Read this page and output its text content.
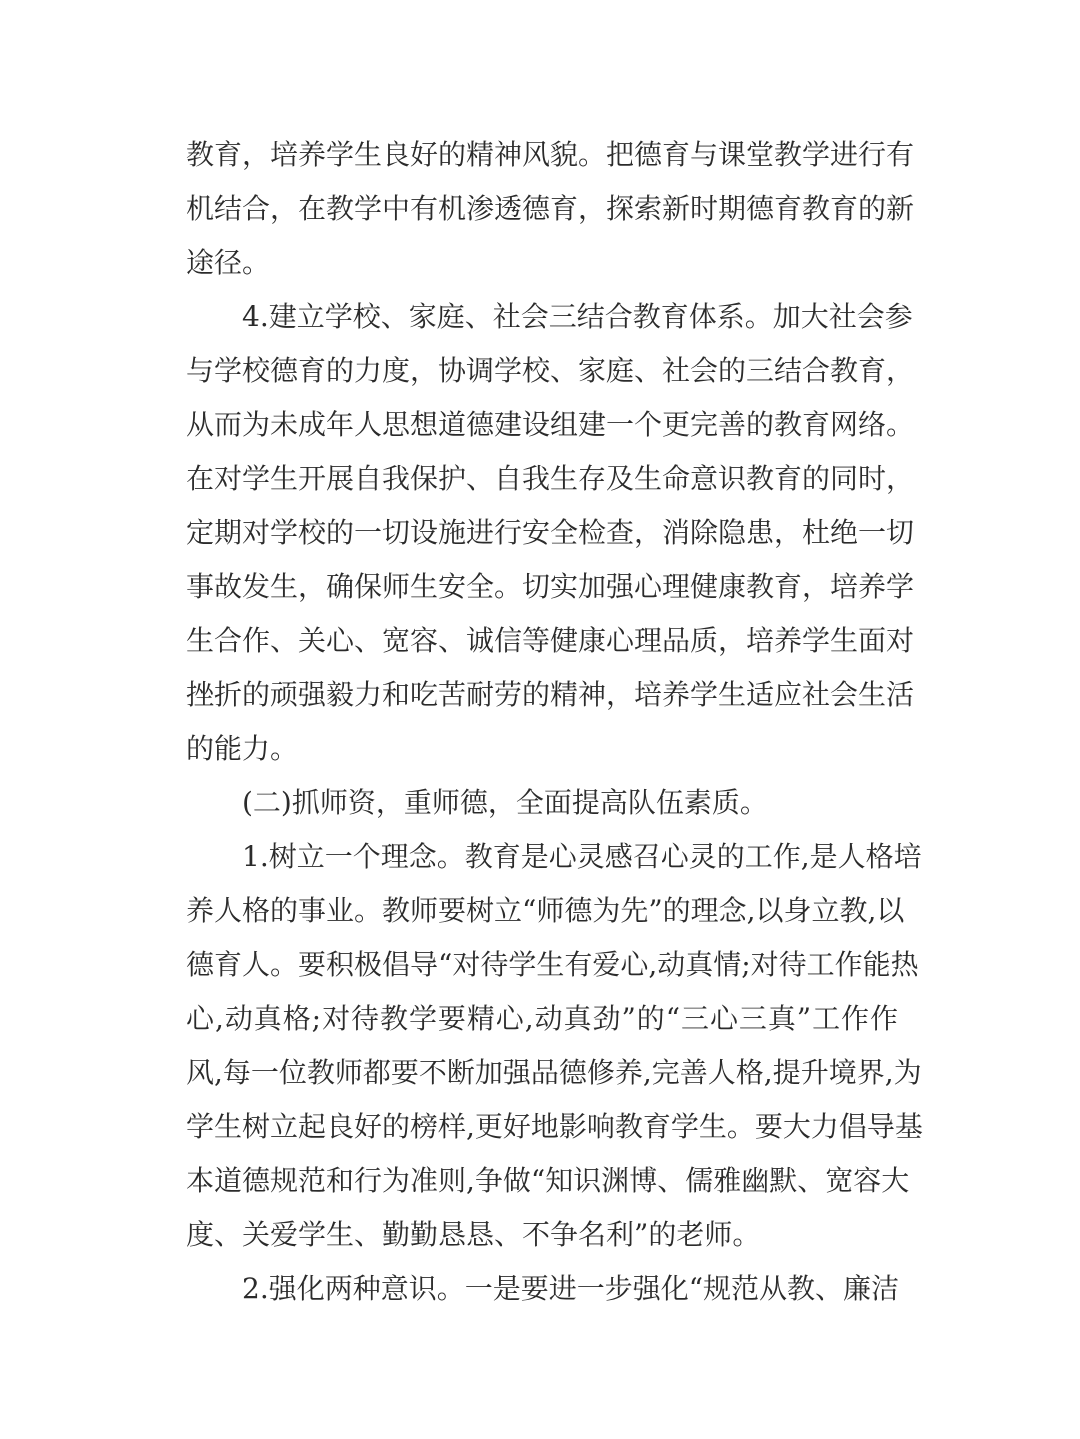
教育，培养学生良好的精神风貌。把德育与课堂教学进行有
机结合，在教学中有机渗透德育，探索新时期德育教育的新
途径。
4.建立学校、家庭、社会三结合教育体系。加大社会参
与学校德育的力度，协调学校、家庭、社会的三结合教育，
从而为未成年人思想道德建设组建一个更完善的教育网络。
在对学生开展自我保护、自我生存及生命意识教育的同时，
定期对学校的一切设施进行安全检查，消除隐患，杜绝一切
事故发生，确保师生安全。切实加强心理健康教育，培养学
生合作、关心、宽容、诚信等健康心理品质，培养学生面对
挫折的顽强毅力和吃苦耐劳的精神，培养学生适应社会生活
的能力。
(二)抓师资，重师德，全面提高队伍素质。
1.树立一个理念。教育是心灵感召心灵的工作,是人格培
养人格的事业。教师要树立“师德为先”的理念,以身立教,以
德育人。要积极倡导“对待学生有爱心,动真情;对待工作能热
心,动真格;对待教学要精心,动真劲”的“三心三真”工作作
风,每一位教师都要不断加强品德修养,完善人格,提升境界,为
学生树立起良好的榜样,更好地影响教育学生。要大力倡导基
本道德规范和行为准则,争做“知识渊博、儒雅幽默、宽容大
度、关爱学生、勤勤恳恳、不争名利”的老师。
2.强化两种意识。一是要进一步强化“规范从教、廉洁
